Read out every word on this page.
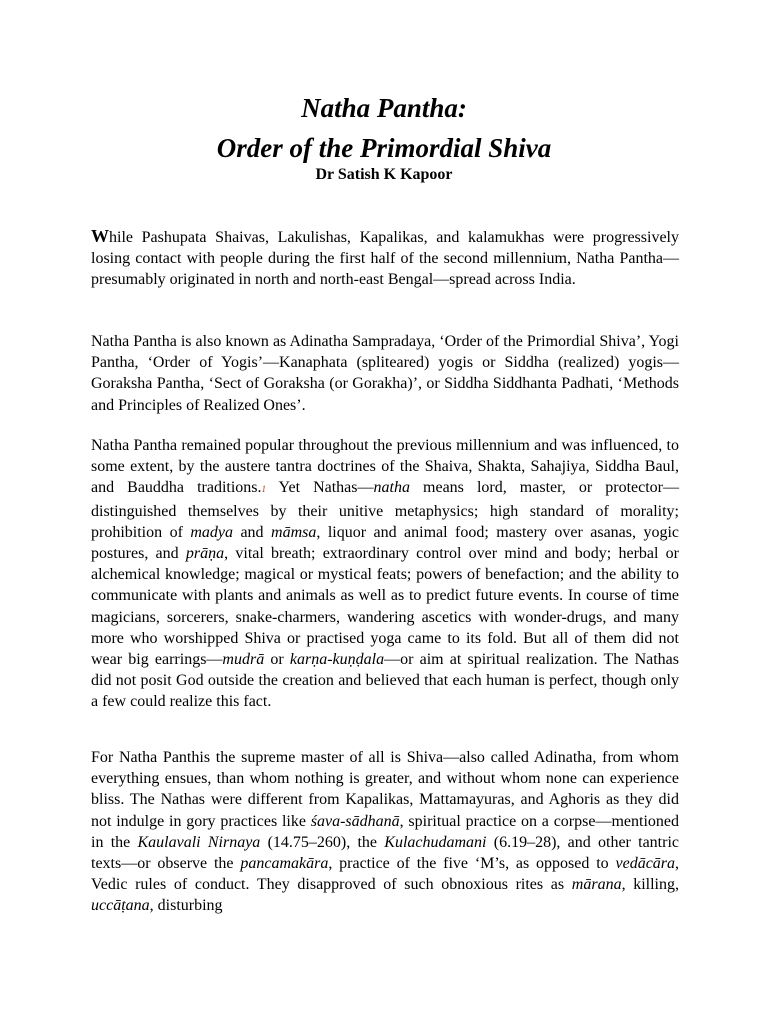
Natha Pantha:
Order of the Primordial Shiva
Dr Satish K Kapoor

While Pashupata Shaivas, Lakulishas, Kapalikas, and kalamukhas were progressively losing contact with people during the first half of the second millennium, Natha Pantha—presumably originated in north and north-east Bengal—spread across India.

Natha Pantha is also known as Adinatha Sampradaya, ‘Order of the Primordial Shiva’, Yogi Pantha, ‘Order of Yogis’—Kanaphata (spliteared) yogis or Siddha (realized) yogis—Goraksha Pantha, ‘Sect of Goraksha (or Gorakha)’, or Siddha Siddhanta Padhati, ‘Methods and Principles of Realized Ones’.

Natha Pantha remained popular throughout the previous millennium and was influenced, to some extent, by the austere tantra doctrines of the Shaiva, Shakta, Sahajiya, Siddha Baul, and Bauddha traditions.1 Yet Nathas—natha means lord, master, or protector—distinguished themselves by their unitive metaphysics; high standard of morality; prohibition of madya and māmsa, liquor and animal food; mastery over asanas, yogic postures, and prāṇa, vital breath; extraordinary control over mind and body; herbal or alchemical knowledge; magical or mystical feats; powers of benefaction; and the ability to communicate with plants and animals as well as to predict future events. In course of time magicians, sorcerers, snake-charmers, wandering ascetics with wonder-drugs, and many more who worshipped Shiva or practised yoga came to its fold. But all of them did not wear big earrings—mudrā or karṇa-kuṇḍala—or aim at spiritual realization. The Nathas did not posit God outside the creation and believed that each human is perfect, though only a few could realize this fact.

For Natha Panthis the supreme master of all is Shiva—also called Adinatha, from whom everything ensues, than whom nothing is greater, and without whom none can experience bliss. The Nathas were different from Kapalikas, Mattamayuras, and Aghoris as they did not indulge in gory practices like śava-sādhanā, spiritual practice on a corpse—mentioned in the Kaulavali Nirnaya (14.75–260), the Kulachudamani (6.19–28), and other tantric texts—or observe the pancamakāra, practice of the five ‘M’s, as opposed to vedācāra, Vedic rules of conduct. They disapproved of such obnoxious rites as mārana, killing, uccāṭana, disturbing
